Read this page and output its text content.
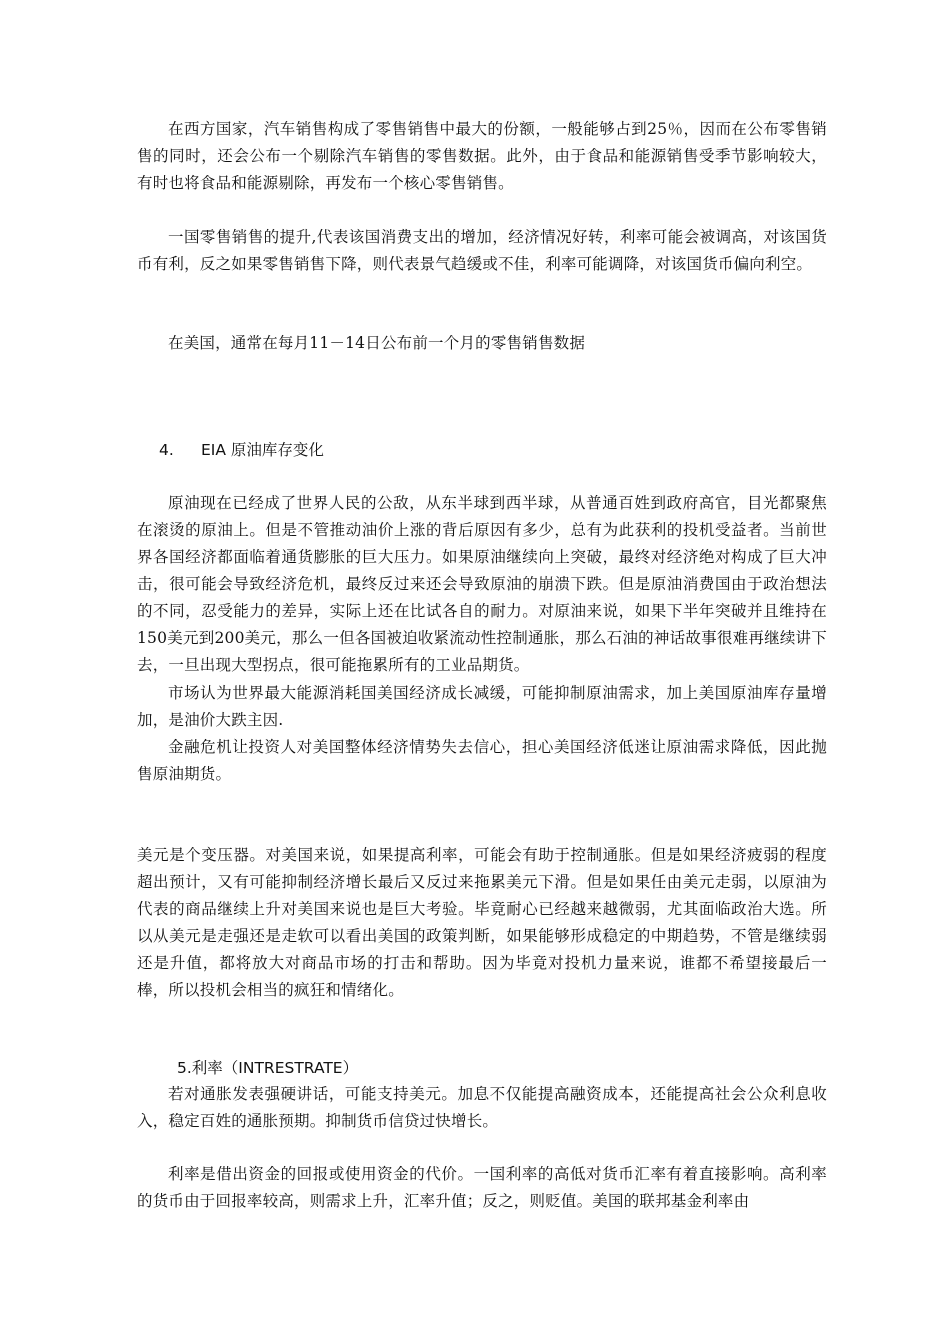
在西方国家，汽车销售构成了零售销售中最大的份额，一般能够占到25％，因而在公布零售销售的同时，还会公布一个剔除汽车销售的零售数据。此外，由于食品和能源销售受季节影响较大，有时也将食品和能源剔除，再发布一个核心零售销售。

一国零售销售的提升,代表该国消费支出的增加，经济情况好转，利率可能会被调高，对该国货币有利，反之如果零售销售下降，则代表景气趋缓或不佳，利率可能调降，对该国货币偏向利空。

在美国，通常在每月11－14日公布前一个月的零售销售数据

4. EIA 原油库存变化

原油现在已经成了世界人民的公敌，从东半球到西半球，从普通百姓到政府高官，目光都聚焦在滚烫的原油上。但是不管推动油价上涨的背后原因有多少，总有为此获利的投机受益者。当前世界各国经济都面临着通货膨胀的巨大压力。如果原油继续向上突破，最终对经济绝对构成了巨大冲击，很可能会导致经济危机，最终反过来还会导致原油的崩溃下跌。但是原油消费国由于政治想法的不同，忍受能力的差异，实际上还在比试各自的耐力。对原油来说，如果下半年突破并且维持在150美元到200美元，那么一但各国被迫收紧流动性控制通胀，那么石油的神话故事很难再继续讲下去，一旦出现大型拐点，很可能拖累所有的工业品期货。

市场认为世界最大能源消耗国美国经济成长减缓，可能抑制原油需求，加上美国原油库存量增加，是油价大跌主因.

金融危机让投资人对美国整体经济情势失去信心，担心美国经济低迷让原油需求降低，因此抛售原油期货。

美元是个变压器。对美国来说，如果提高利率，可能会有助于控制通胀。但是如果经济疲弱的程度超出预计，又有可能抑制经济增长最后又反过来拖累美元下滑。但是如果任由美元走弱，以原油为代表的商品继续上升对美国来说也是巨大考验。毕竟耐心已经越来越微弱，尤其面临政治大选。所以从美元是走强还是走软可以看出美国的政策判断，如果能够形成稳定的中期趋势，不管是继续弱还是升值，都将放大对商品市场的打击和帮助。因为毕竟对投机力量来说，谁都不希望接最后一棒，所以投机会相当的疯狂和情绪化。

5.利率（INTRESTRATE）

若对通胀发表强硬讲话，可能支持美元。加息不仅能提高融资成本，还能提高社会公众利息收入，稳定百姓的通胀预期。抑制货币信贷过快增长。

利率是借出资金的回报或使用资金的代价。一国利率的高低对货币汇率有着直接影响。高利率的货币由于回报率较高，则需求上升，汇率升值；反之，则贬值。美国的联邦基金利率由
